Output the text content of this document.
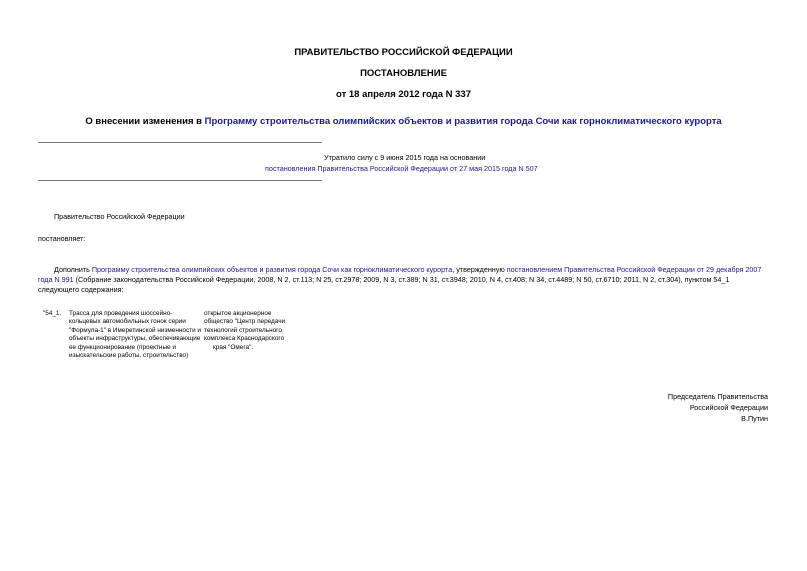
ПРАВИТЕЛЬСТВО РОССИЙСКОЙ ФЕДЕРАЦИИ
ПОСТАНОВЛЕНИЕ
от 18 апреля 2012 года N 337
О внесении изменения в Программу строительства олимпийских объектов и развития города Сочи как горноклиматического курорта
Утратило силу с 9 июня 2015 года на основании
постановления Правительства Российской Федерации от 27 мая 2015 года N 507
Правительство Российской Федерации
постановляет:
Дополнить Программу строительства олимпийских объектов и развития города Сочи как горноклиматического курорта, утвержденную постановлением Правительства Российской Федерации от 29 декабря 2007 года N 991 (Собрание законодательства Российской Федерации, 2008, N 2, ст.113; N 25, ст.2978; 2009, N 3, ст.389; N 31, ст.3948; 2010, N 4, ст.408; N 34, ст.4489; N 50, ст.6710; 2011, N 2, ст.304), пунктом 54_1 следующего содержания:
"54_1. Трасса для проведения шоссейно-кольцевых автомобильных гонок серии "Формула-1" в Имеретинской низменности и объекты инфраструктуры, обеспечивающие ее функционирование (проектные и изыскательские работы, строительство)
открытое акционерное
общество "Центр передачи
технологий строительного
комплекса Краснодарского
края "Омега".
Председатель Правительства
Российской Федерации
В.Путин
